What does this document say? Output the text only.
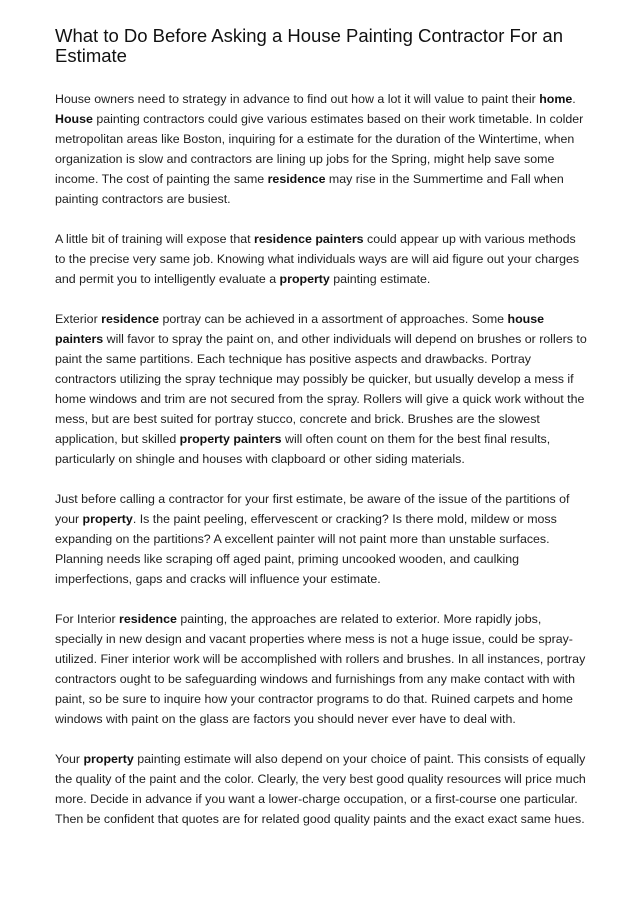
What to Do Before Asking a House Painting Contractor For an Estimate

House owners need to strategy in advance to find out how a lot it will value to paint their home. House painting contractors could give various estimates based on their work timetable. In colder metropolitan areas like Boston, inquiring for a estimate for the duration of the Wintertime, when organization is slow and contractors are lining up jobs for the Spring, might help save some income. The cost of painting the same residence may rise in the Summertime and Fall when painting contractors are busiest.

A little bit of training will expose that residence painters could appear up with various methods to the precise very same job. Knowing what individuals ways are will aid figure out your charges and permit you to intelligently evaluate a property painting estimate.

Exterior residence portray can be achieved in a assortment of approaches. Some house painters will favor to spray the paint on, and other individuals will depend on brushes or rollers to paint the same partitions. Each technique has positive aspects and drawbacks. Portray contractors utilizing the spray technique may possibly be quicker, but usually develop a mess if home windows and trim are not secured from the spray. Rollers will give a quick work without the mess, but are best suited for portray stucco, concrete and brick. Brushes are the slowest application, but skilled property painters will often count on them for the best final results, particularly on shingle and houses with clapboard or other siding materials.

Just before calling a contractor for your first estimate, be aware of the issue of the partitions of your property. Is the paint peeling, effervescent or cracking? Is there mold, mildew or moss expanding on the partitions? A excellent painter will not paint more than unstable surfaces. Planning needs like scraping off aged paint, priming uncooked wooden, and caulking imperfections, gaps and cracks will influence your estimate.

For Interior residence painting, the approaches are related to exterior. More rapidly jobs, specially in new design and vacant properties where mess is not a huge issue, could be spray-utilized. Finer interior work will be accomplished with rollers and brushes. In all instances, portray contractors ought to be safeguarding windows and furnishings from any make contact with with paint, so be sure to inquire how your contractor programs to do that. Ruined carpets and home windows with paint on the glass are factors you should never ever have to deal with.

Your property painting estimate will also depend on your choice of paint. This consists of equally the quality of the paint and the color. Clearly, the very best good quality resources will price much more. Decide in advance if you want a lower-charge occupation, or a first-course one particular. Then be confident that quotes are for related good quality paints and the exact exact same hues.
